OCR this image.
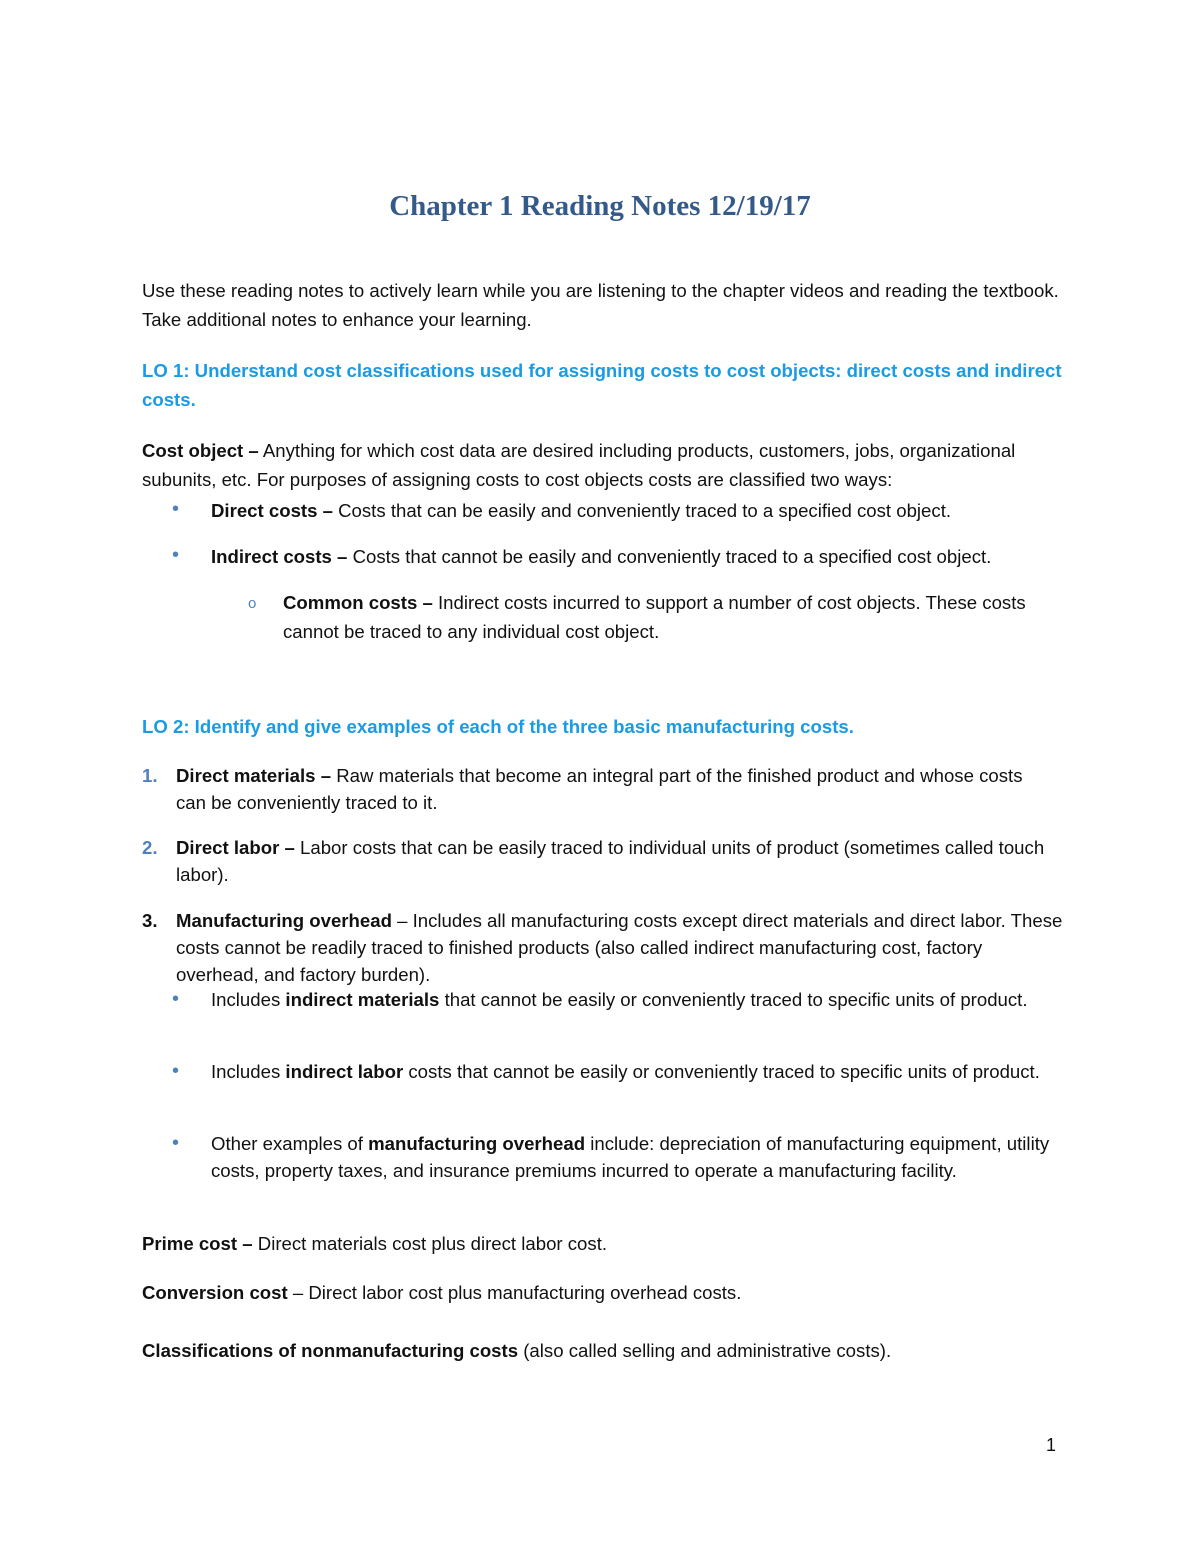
Chapter 1 Reading Notes 12/19/17

Use these reading notes to actively learn while you are listening to the chapter videos and reading the textbook. Take additional notes to enhance your learning.

LO 1: Understand cost classifications used for assigning costs to cost objects: direct costs and indirect costs.

Cost object – Anything for which cost data are desired including products, customers, jobs, organizational subunits, etc. For purposes of assigning costs to cost objects costs are classified two ways:

• Direct costs – Costs that can be easily and conveniently traced to a specified cost object.

• Indirect costs – Costs that cannot be easily and conveniently traced to a specified cost object.

o Common costs – Indirect costs incurred to support a number of cost objects. These costs cannot be traced to any individual cost object.

LO 2: Identify and give examples of each of the three basic manufacturing costs.

1. Direct materials – Raw materials that become an integral part of the finished product and whose costs can be conveniently traced to it.

2. Direct labor – Labor costs that can be easily traced to individual units of product (sometimes called touch labor).

3. Manufacturing overhead – Includes all manufacturing costs except direct materials and direct labor. These costs cannot be readily traced to finished products (also called indirect manufacturing cost, factory overhead, and factory burden).

• Includes indirect materials that cannot be easily or conveniently traced to specific units of product.

• Includes indirect labor costs that cannot be easily or conveniently traced to specific units of product.

• Other examples of manufacturing overhead include: depreciation of manufacturing equipment, utility costs, property taxes, and insurance premiums incurred to operate a manufacturing facility.

Prime cost – Direct materials cost plus direct labor cost.

Conversion cost – Direct labor cost plus manufacturing overhead costs.

Classifications of nonmanufacturing costs (also called selling and administrative costs).

1
